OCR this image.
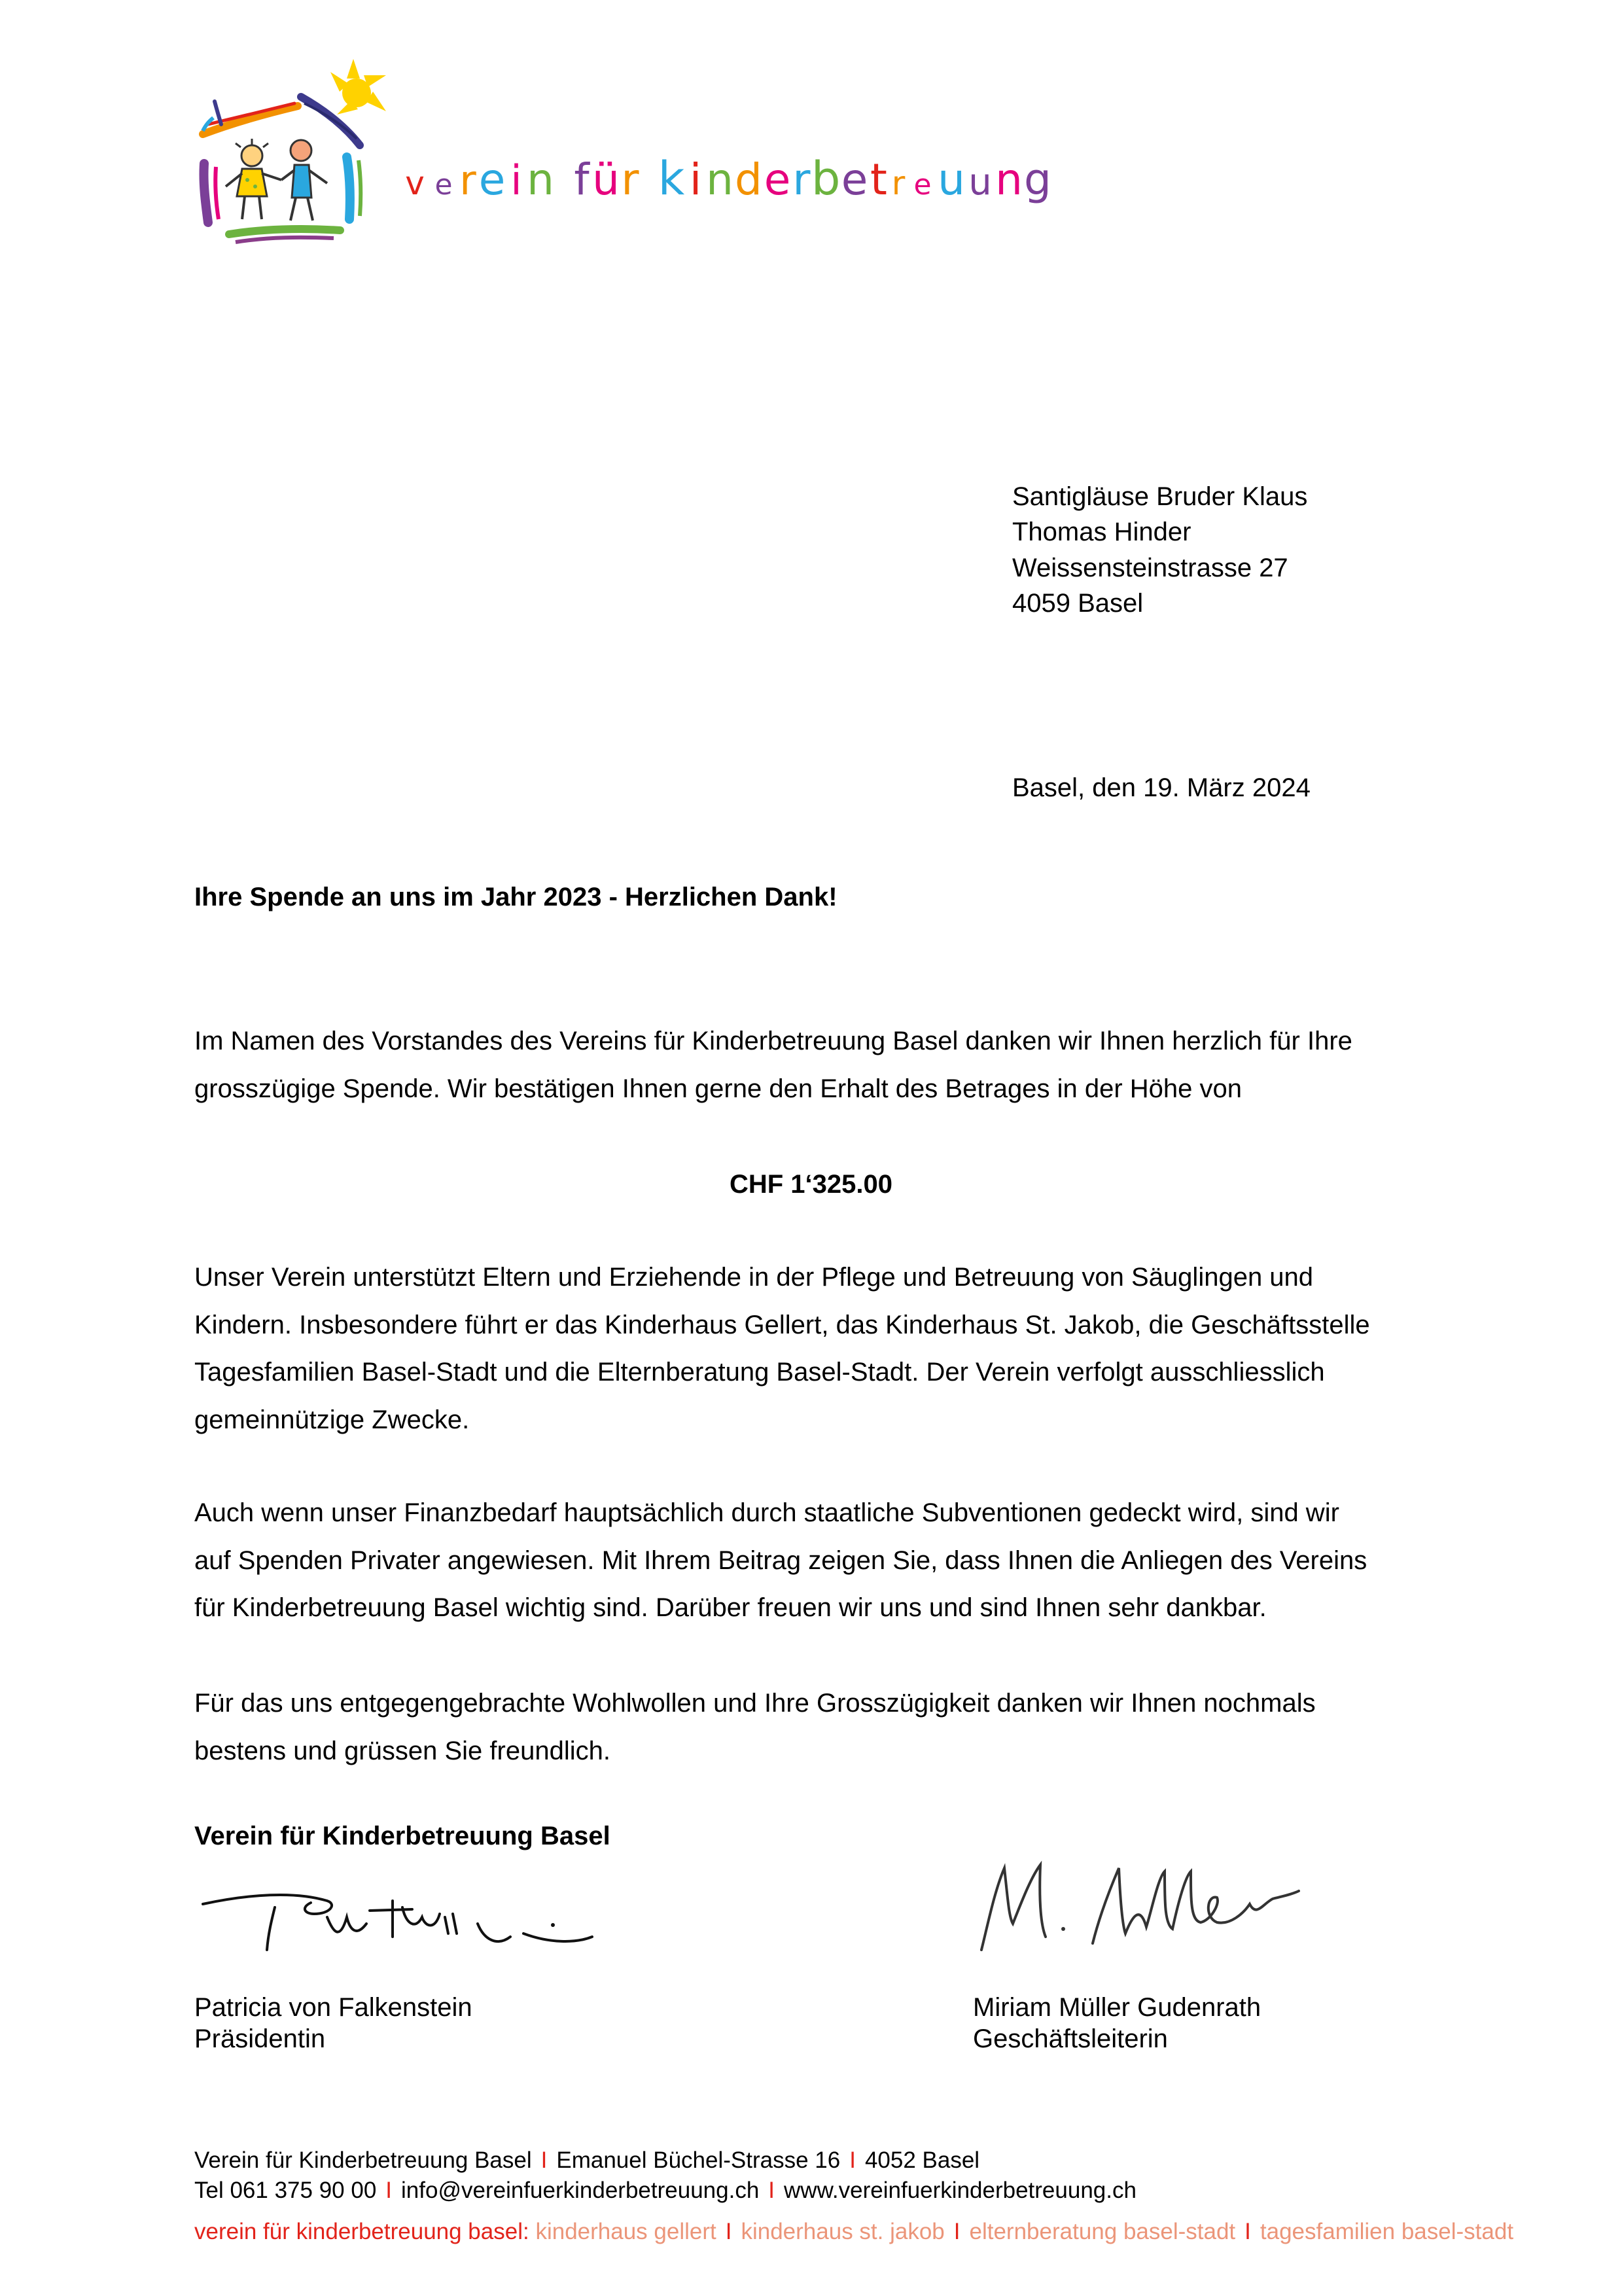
v e re i n für k i nderbet r e uung
Santigläuse Bruder Klaus
Thomas Hinder
Weissensteinstrasse 27
4059 Basel
Basel, den 19. März 2024
Ihre Spende an uns im Jahr 2023 - Herzlichen Dank!
Im Namen des Vorstandes des Vereins für Kinderbetreuung Basel danken wir Ihnen herzlich für Ihre
grosszügige Spende. Wir bestätigen Ihnen gerne den Erhalt des Betrages in der Höhe von
CHF 1‘325.00
Unser Verein unterstützt Eltern und Erziehende in der Pflege und Betreuung von Säuglingen und
Kindern. Insbesondere führt er das Kinderhaus Gellert, das Kinderhaus St. Jakob, die Geschäftsstelle
Tagesfamilien Basel-Stadt und die Elternberatung Basel-Stadt. Der Verein verfolgt ausschliesslich
gemeinnützige Zwecke.
Auch wenn unser Finanzbedarf hauptsächlich durch staatliche Subventionen gedeckt wird, sind wir
auf Spenden Privater angewiesen. Mit Ihrem Beitrag zeigen Sie, dass Ihnen die Anliegen des Vereins
für Kinderbetreuung Basel wichtig sind. Darüber freuen wir uns und sind Ihnen sehr dankbar.
Für das uns entgegengebrachte Wohlwollen und Ihre Grosszügigkeit danken wir Ihnen nochmals
bestens und grüssen Sie freundlich.
Verein für Kinderbetreuung Basel
Patricia von Falkenstein
Präsidentin
Miriam Müller Gudenrath
Geschäftsleiterin
Verein für Kinderbetreuung Basel I Emanuel Büchel-Strasse 16 I 4052 Basel
Tel 061 375 90 00 I info@vereinfuerkinderbetreuung.ch I www.vereinfuerkinderbetreuung.ch
verein für kinderbetreuung basel: kinderhaus gellert I kinderhaus st. jakob I elternberatung basel-stadt I tagesfamilien basel-stadt
